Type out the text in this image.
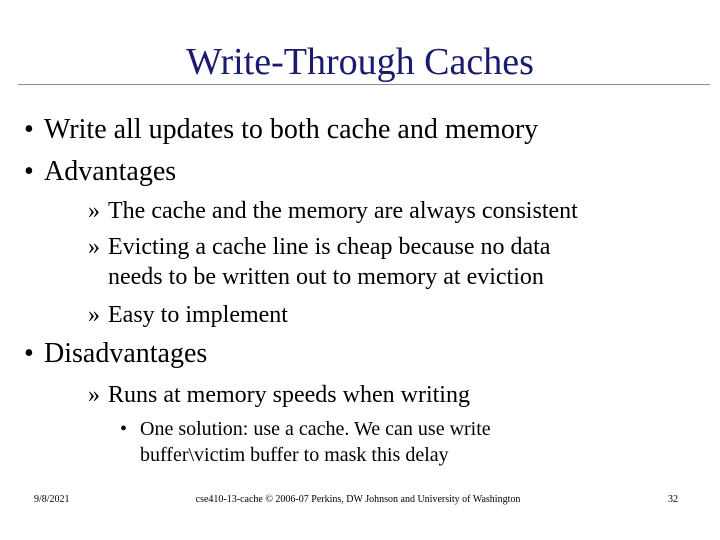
Write-Through Caches
• Write all updates to both cache and memory
• Advantages
» The cache and the memory are always consistent
» Evicting a cache line is cheap because no data
needs to be written out to memory at eviction
» Easy to implement
• Disadvantages
» Runs at memory speeds when writing
• One solution: use a cache. We can use write
buffer\victim buffer to mask this delay
9/8/2021	cse410-13-cache © 2006-07 Perkins, DW Johnson and University of Washington	32
